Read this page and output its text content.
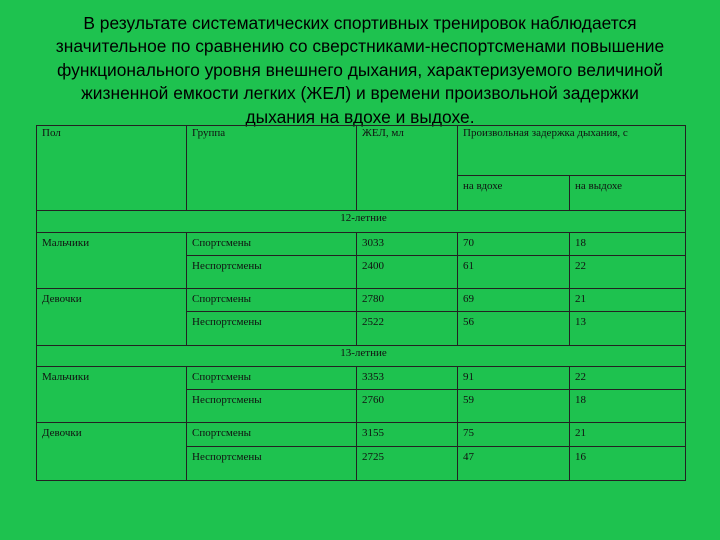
В результате систематических спортивных тренировок наблюдается
значительное по сравнению со сверстниками-неспортсменами повышение
функционального уровня внешнего дыхания, характеризуемого величиной
жизненной емкости легких (ЖЕЛ) и времени произвольной задержки
дыхания на вдохе и выдохе.
Пол	Группа	ЖЕЛ, мл	Произвольная задержка дыхания, с	
			на вдохе	на выдохе
12-летние				
Мальчики	Спортсмены	3033	70	18
	Неспортсмены	2400	61	22
Девочки	Спортсмены	2780	69	21
	Неспортсмены	2522	56	13
13-летние				
Мальчики	Спортсмены	3353	91	22
	Неспортсмены	2760	59	18
Девочки	Спортсмены	3155	75	21
	Неспортсмены	2725	47	16
